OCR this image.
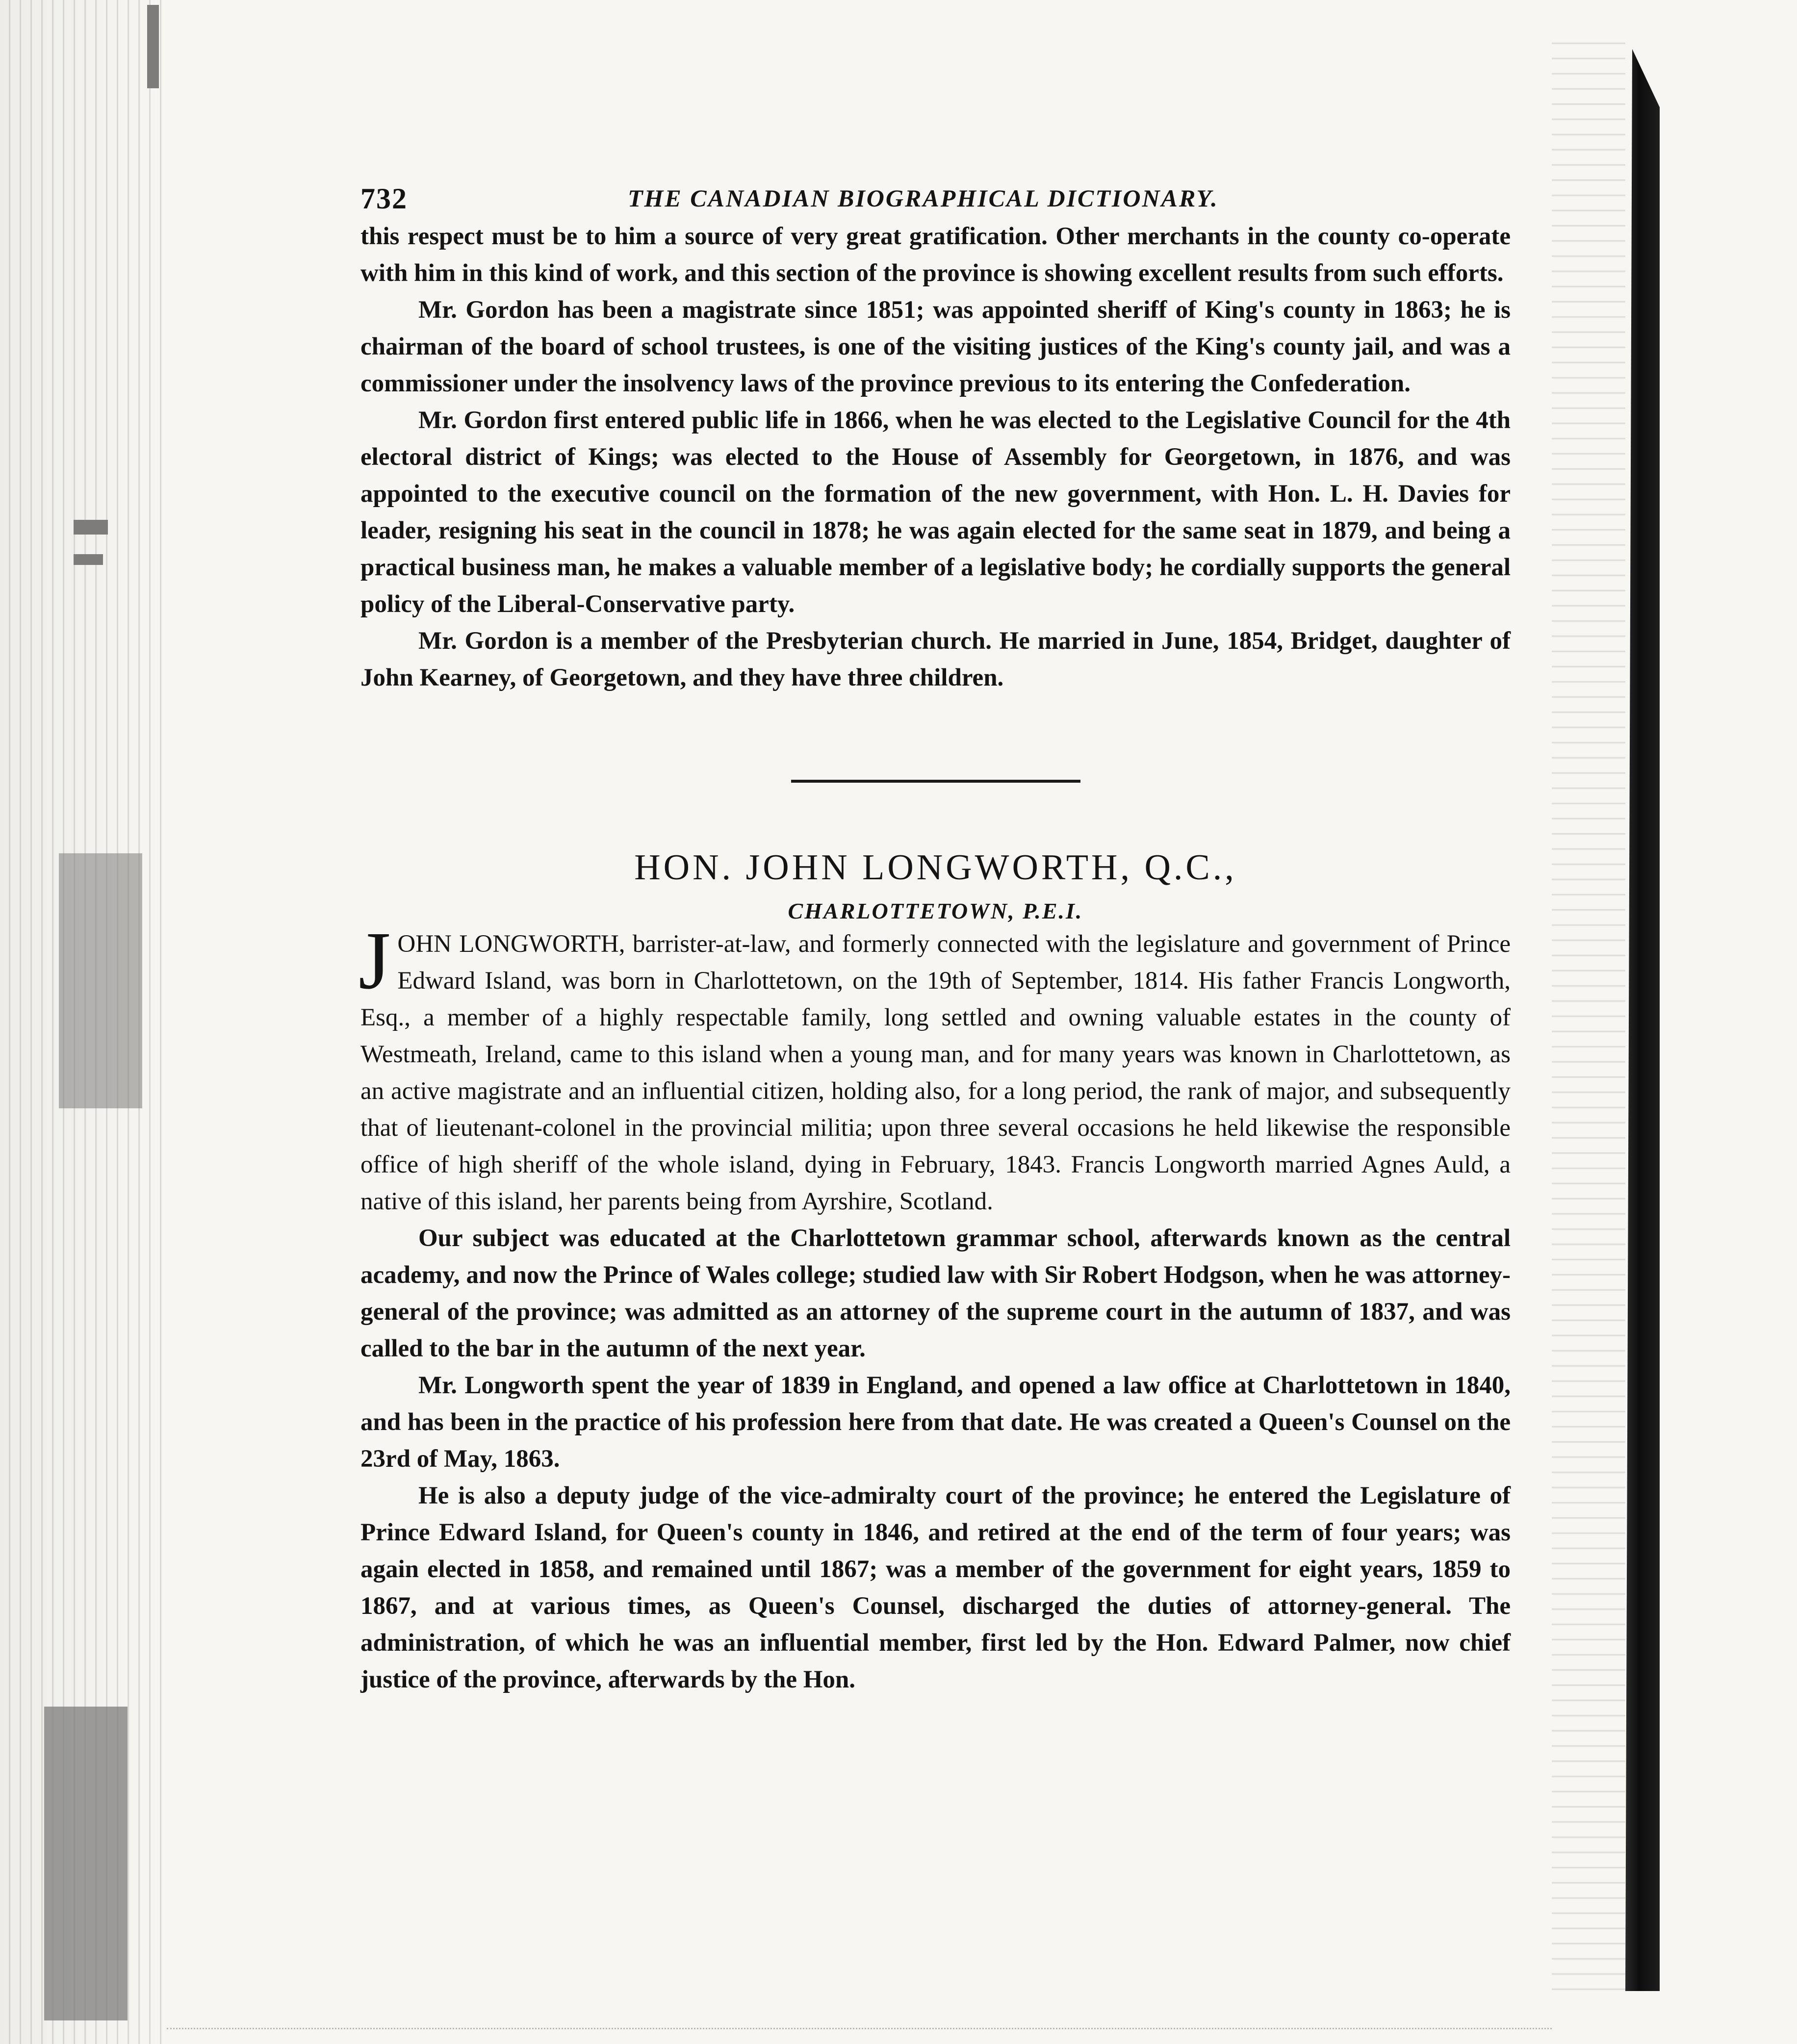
732	THE CANADIAN BIOGRAPHICAL DICTIONARY.

this respect must be to him a source of very great gratification. Other merchants in the county co-operate with him in this kind of work, and this section of the province is showing excellent results from such efforts.

Mr. Gordon has been a magistrate since 1851; was appointed sheriff of King's county in 1863; he is chairman of the board of school trustees, is one of the visiting justices of the King's county jail, and was a commissioner under the insolvency laws of the province previous to its entering the Confederation.

Mr. Gordon first entered public life in 1866, when he was elected to the Legislative Council for the 4th electoral district of Kings; was elected to the House of Assembly for Georgetown, in 1876, and was appointed to the executive council on the formation of the new government, with Hon. L. H. Davies for leader, resigning his seat in the council in 1878; he was again elected for the same seat in 1879, and being a practical business man, he makes a valuable member of a legislative body; he cordially supports the general policy of the Liberal-Conservative party.

Mr. Gordon is a member of the Presbyterian church. He married in June, 1854, Bridget, daughter of John Kearney, of Georgetown, and they have three children.

HON. JOHN LONGWORTH, Q.C.,
CHARLOTTETOWN, P.E.I.

JOHN LONGWORTH, barrister-at-law, and formerly connected with the legislature and government of Prince Edward Island, was born in Charlottetown, on the 19th of September, 1814. His father Francis Longworth, Esq., a member of a highly respectable family, long settled and owning valuable estates in the county of Westmeath, Ireland, came to this island when a young man, and for many years was known in Charlottetown, as an active magistrate and an influential citizen, holding also, for a long period, the rank of major, and subsequently that of lieutenant-colonel in the provincial militia; upon three several occasions he held likewise the responsible office of high sheriff of the whole island, dying in February, 1843. Francis Longworth married Agnes Auld, a native of this island, her parents being from Ayrshire, Scotland.

Our subject was educated at the Charlottetown grammar school, afterwards known as the central academy, and now the Prince of Wales college; studied law with Sir Robert Hodgson, when he was attorney-general of the province; was admitted as an attorney of the supreme court in the autumn of 1837, and was called to the bar in the autumn of the next year.

Mr. Longworth spent the year of 1839 in England, and opened a law office at Charlottetown in 1840, and has been in the practice of his profession here from that date. He was created a Queen's Counsel on the 23rd of May, 1863.

He is also a deputy judge of the vice-admiralty court of the province; he entered the Legislature of Prince Edward Island, for Queen's county in 1846, and retired at the end of the term of four years; was again elected in 1858, and remained until 1867; was a member of the government for eight years, 1859 to 1867, and at various times, as Queen's Counsel, discharged the duties of attorney-general. The administration, of which he was an influential member, first led by the Hon. Edward Palmer, now chief justice of the province, afterwards by the Hon.
